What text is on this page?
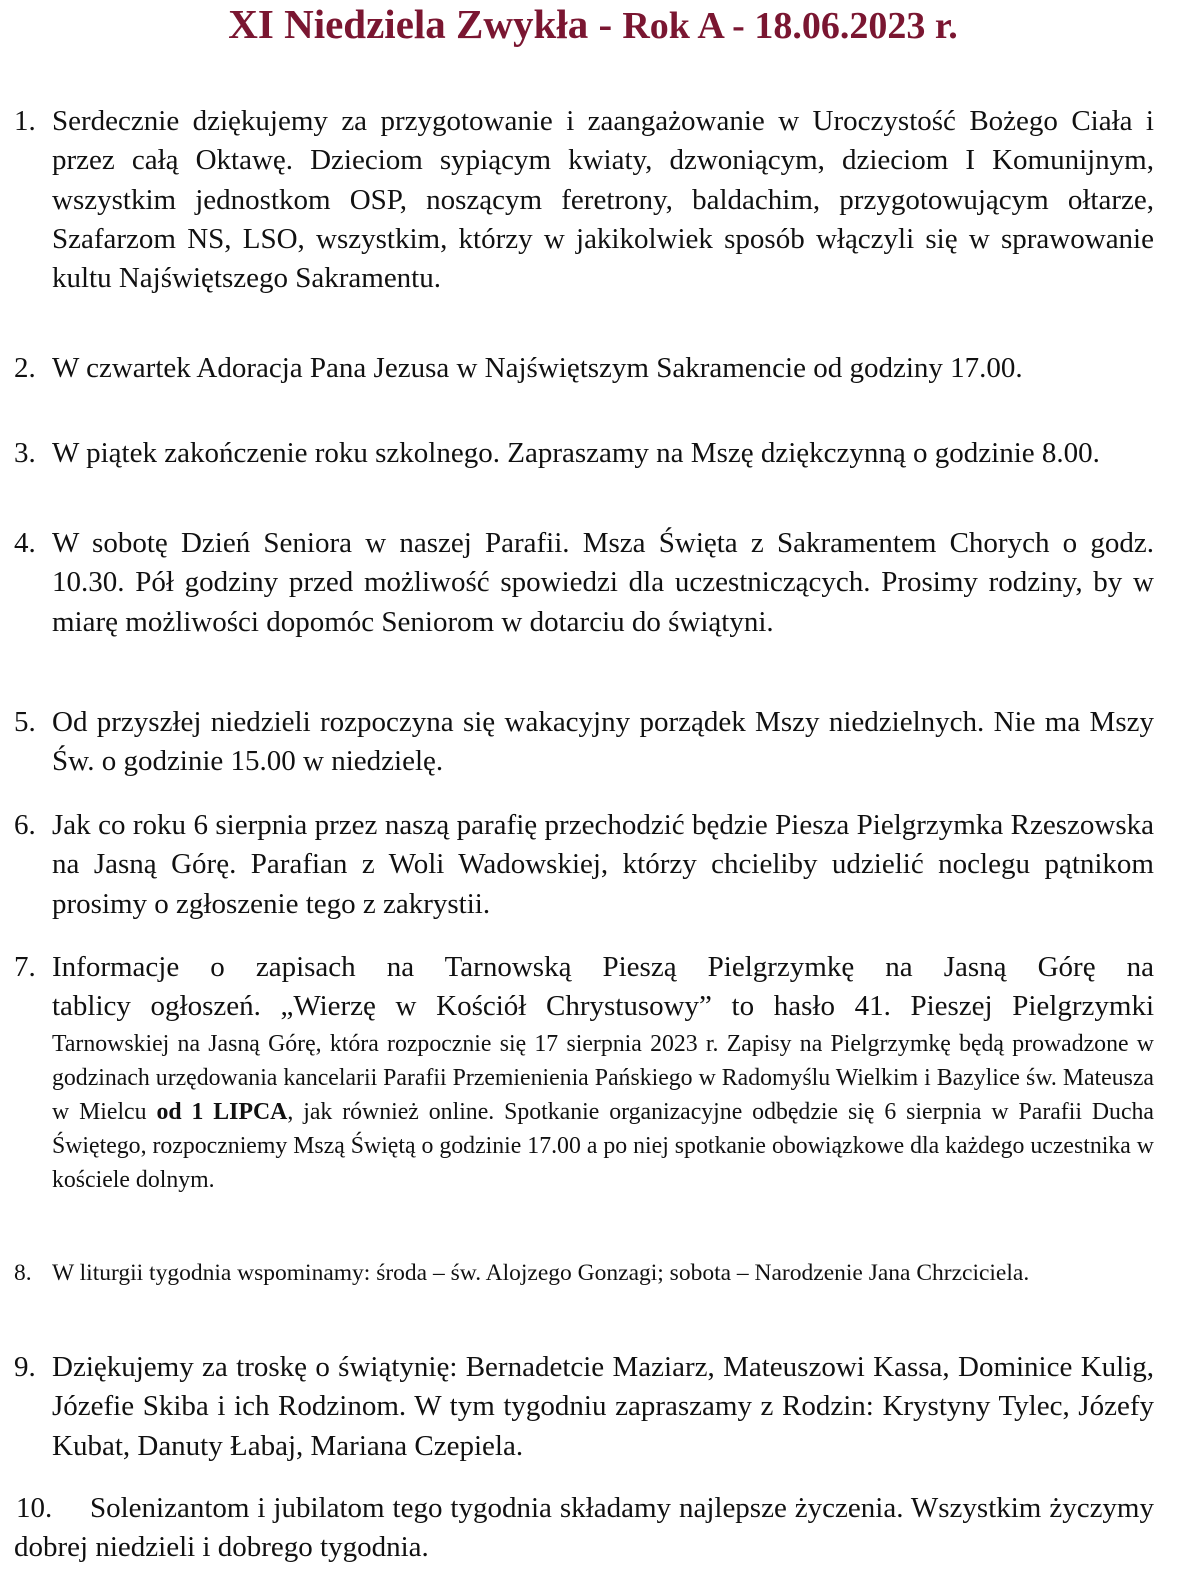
XI Niedziela Zwykła - Rok A - 18.06.2023 r.
1. Serdecznie dziękujemy za przygotowanie i zaangażowanie w Uroczystość Bożego Ciała i przez całą Oktawę. Dzieciom sypiącym kwiaty, dzwoniącym, dzieciom I Komunijnym, wszystkim jednostkom OSP, noszącym feretrony, baldachim, przygotowującym ołtarze, Szafarzom NS, LSO, wszystkim, którzy w jakikolwiek sposób włączyli się w sprawowanie kultu Najświętszego Sakramentu.

2. W czwartek Adoracja Pana Jezusa w Najświętszym Sakramencie od godziny 17.00.

3. W piątek zakończenie roku szkolnego. Zapraszamy na Mszę dziękczynną o godzinie 8.00.

4. W sobotę Dzień Seniora w naszej Parafii. Msza Święta z Sakramentem Chorych o godz. 10.30. Pół godziny przed możliwość spowiedzi dla uczestniczących. Prosimy rodziny, by w miarę możliwości dopomóc Seniorom w dotarciu do świątyni.

5. Od przyszłej niedzieli rozpoczyna się wakacyjny porządek Mszy niedzielnych. Nie ma Mszy Św. o godzinie 15.00 w niedzielę.

6. Jak co roku 6 sierpnia przez naszą parafię przechodzić będzie Piesza Pielgrzymka Rzeszowska na Jasną Górę. Parafian z Woli Wadowskiej, którzy chcieliby udzielić noclegu pątnikom prosimy o zgłoszenie tego z zakrystii.

7. Informacje o zapisach na Tarnowską Pieszą Pielgrzymkę na Jasną Górę na
tablicy ogłoszeń. „Wierzę w Kościół Chrystusowy” to hasło 41. Pieszej Pielgrzymki
Tarnowskiej na Jasną Górę, która rozpocznie się 17 sierpnia 2023 r. Zapisy na Pielgrzymkę będą prowadzone w godzinach urzędowania kancelarii Parafii Przemienienia Pańskiego w Radomyślu Wielkim i Bazylice św. Mateusza w Mielcu od 1 LIPCA, jak również online. Spotkanie organizacyjne odbędzie się 6 sierpnia w Parafii Ducha Świętego, rozpoczniemy Mszą Świętą o godzinie 17.00 a po niej spotkanie obowiązkowe dla każdego uczestnika w kościele dolnym.
8. W liturgii tygodnia wspominamy: środa – św. Alojzego Gonzagi; sobota – Narodzenie Jana Chrzciciela.

9. Dziękujemy za troskę o świątynię: Bernadetcie Maziarz, Mateuszowi Kassa, Dominice Kulig, Józefie Skiba i ich Rodzinom. W tym tygodniu zapraszamy z Rodzin: Krystyny Tylec, Józefy Kubat, Danuty Łabaj, Mariana Czepiela.

10.	Solenizantom i jubilatom tego tygodnia składamy najlepsze życzenia. Wszystkim życzymy dobrej niedzieli i dobrego tygodnia.
